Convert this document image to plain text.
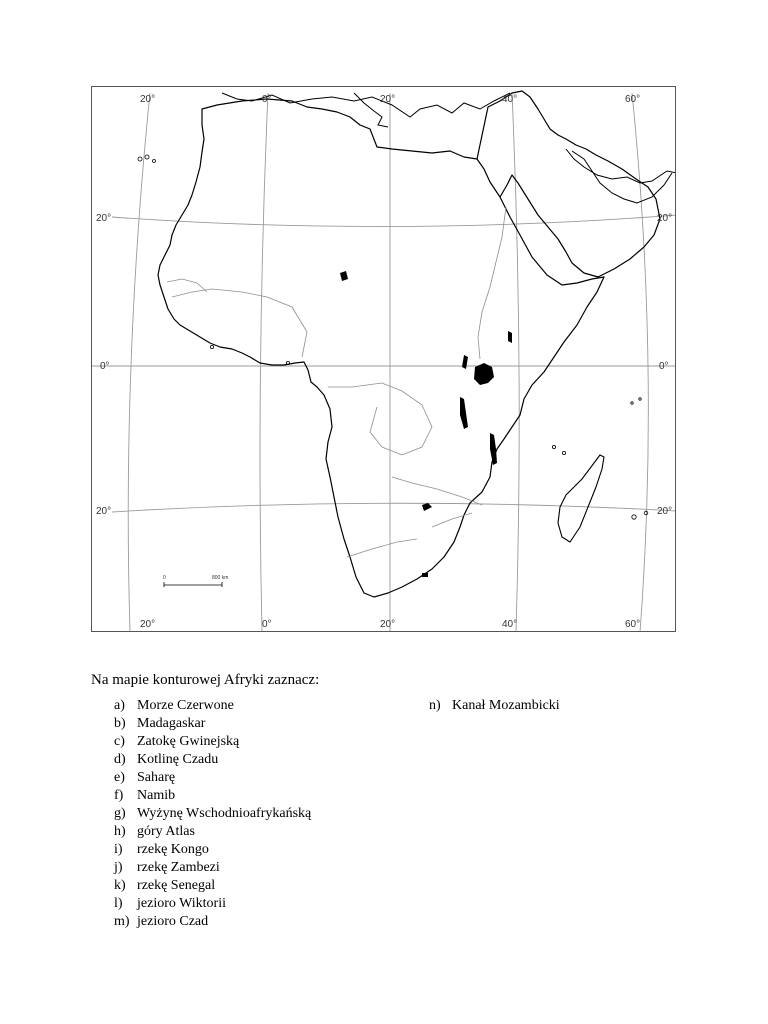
0	800 km
20°	0°	20°	40°	60°
20°	0°	20°	40°	60°
20°
0°
20°
20°
0°
20°
Na mapie konturowej Afryki zaznacz:
a) Morze Czerwone
b) Madagaskar
c) Zatokę Gwinejską
d) Kotlinę Czadu
e) Saharę
f) Namib
g) Wyżynę Wschodnioafrykańską
h) góry Atlas
i) rzekę Kongo
j) rzekę Zambezi
k) rzekę Senegal
l) jezioro Wiktorii
m) jezioro Czad
n) Kanał Mozambicki
